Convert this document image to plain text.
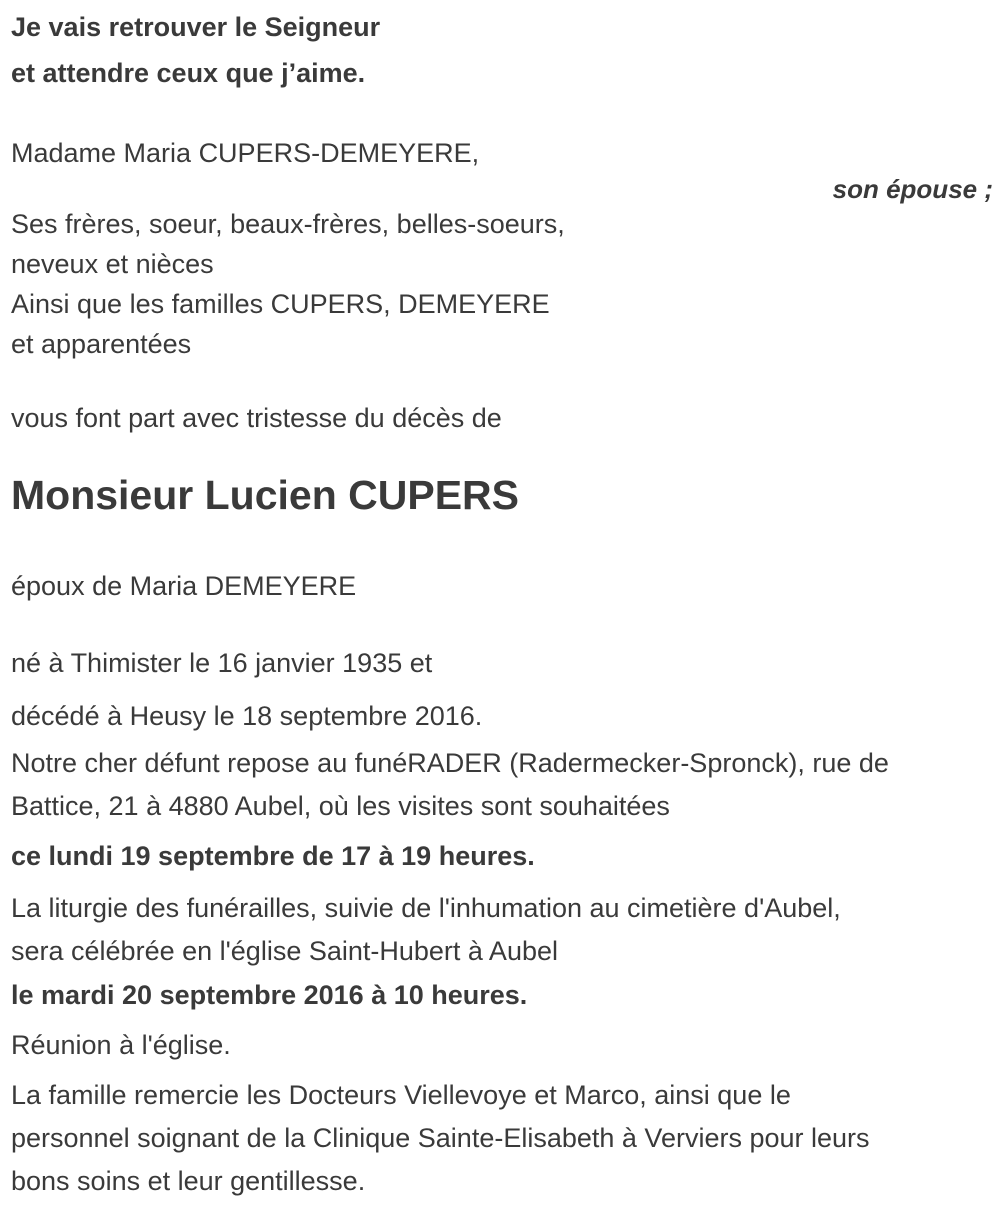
Je vais retrouver le Seigneur
et attendre ceux que j’aime.

Madame Maria CUPERS-DEMEYERE,

son épouse ;

Ses frères, soeur, beaux-frères, belles-soeurs,
neveux et nièces

Ainsi que les familles CUPERS, DEMEYERE
et apparentées

vous font part avec tristesse du décès de

Monsieur Lucien CUPERS

époux de Maria DEMEYERE

né à Thimister le 16 janvier 1935 et

décédé à Heusy le 18 septembre 2016.

Notre cher défunt repose au funéRADER (Radermecker-Spronck), rue de
Battice, 21 à 4880 Aubel, où les visites sont souhaitées

ce lundi 19 septembre de 17 à 19 heures.

La liturgie des funérailles, suivie de l'inhumation au cimetière d'Aubel,
sera célébrée en l'église Saint-Hubert à Aubel

le mardi 20 septembre 2016 à 10 heures.

Réunion à l'église.

La famille remercie les Docteurs Viellevoye et Marco, ainsi que le
personnel soignant de la Clinique Sainte-Elisabeth à Verviers pour leurs
bons soins et leur gentillesse.
